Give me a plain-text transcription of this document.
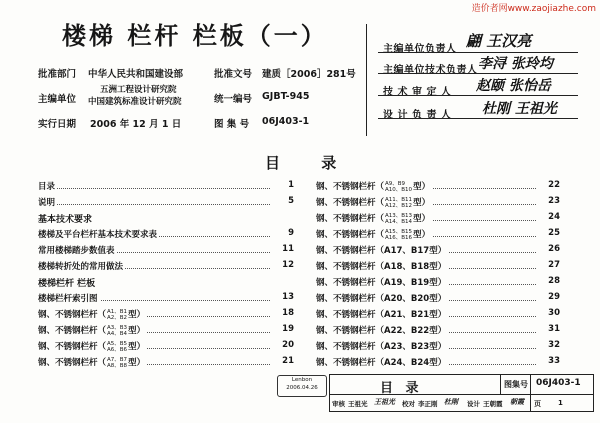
造价者网www.zaojiazhe.com
楼梯 栏杆 栏板（一）
批准部门 中华人民共和国建设部	批准文号 建质［2006］281号
主编单位
五洲工程设计研究院
中国建筑标准设计研究院	统一编号 GJBT-945
实行日期 2006 年 12 月 1 日	图 集 号 06J403-1
主编单位负责人 翩 王汉亮
主编单位技术负责人 李浔 张玲均
技 术 审 定 人 赵颐 张怡岳
设 计 负 责 人 杜刚 王祖光
目 录
目录	1
说明	5
基本技术要求
楼梯及平台栏杆基本技术要求表	9
常用楼梯踏步数值表	11
楼梯转折处的常用做法	12
楼梯栏杆 栏板
楼梯栏杆索引图	13
钢、不锈钢栏杆（A1、B1
A2、B2型）	18
钢、不锈钢栏杆（A3、B3
A4、B4型）	19
钢、不锈钢栏杆（A5、B5
A6、B6型）	20
钢、不锈钢栏杆（A7、B7
A8、B8型）	21
钢、不锈钢栏杆（A9、B9
A10、B10型）	22
钢、不锈钢栏杆（A11、B11
A12、B12型）	23
钢、不锈钢栏杆（A13、B13
A14、B14型）	24
钢、不锈钢栏杆（A15、B15
A16、B16型）	25
钢、不锈钢栏杆（A17、B17型）	26
钢、不锈钢栏杆（A18、B18型）	27
钢、不锈钢栏杆（A19、B19型）	28
钢、不锈钢栏杆（A20、B20型）	29
钢、不锈钢栏杆（A21、B21型）	30
钢、不锈钢栏杆（A22、B22型）	31
钢、不锈钢栏杆（A23、B23型）	32
钢、不锈钢栏杆（A24、B24型）	33
Lenbon
2006.04.26	目 录	图集号 06J403-1
审核 王祖光 王祖光 校对 李正刚 杜刚 设计 王朝霞 朝霞 页 1
